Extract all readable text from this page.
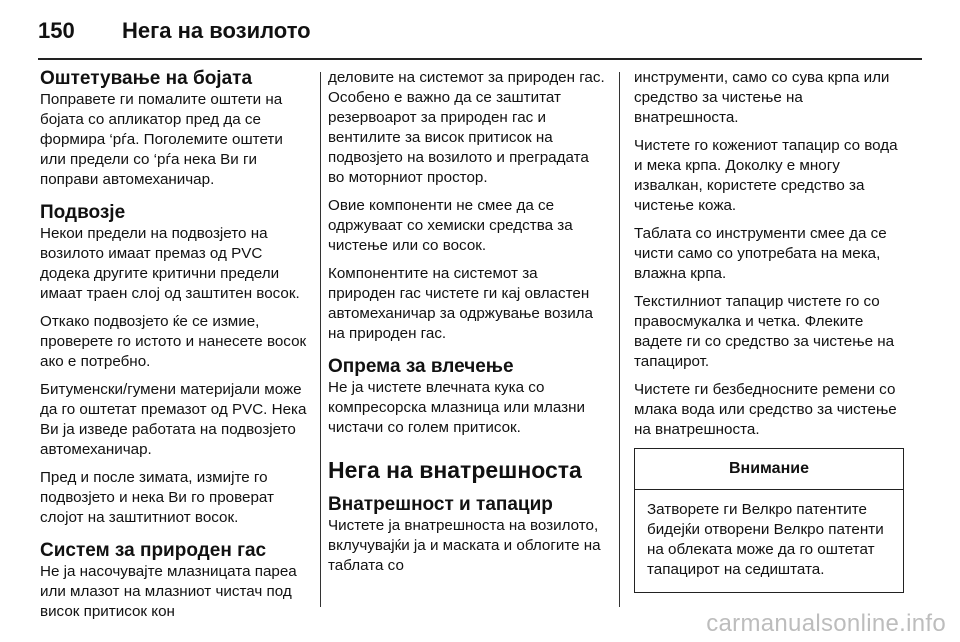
150 Нега на возилото
Оштетување на бојата

Поправете ги помалите оштети на бојата со апликатор пред да се формира ‘рѓа. Поголемите оштети или предели со ‘рѓа нека Ви ги поправи автомеханичар.

Подвозје

Некои предели на подвозјето на возилото имаат премаз од PVC додека другите критични предели имаат траен слој од заштитен восок.

Откако подвозјето ќе се измие, проверете го истото и нанесете восок ако е потребно.

Битуменски/гумени материјали може да го оштетат премазот од PVC. Нека Ви ја изведе работата на подвозјето автомеханичар.

Пред и после зимата, измијте го подвозјето и нека Ви го проверат слојот на заштитниот восок.

Систем за природен гас

Не ја насочувајте млазницата пареа или млазот на млазниот чистач под висок притисок кон

деловите на системот за природен гас. Особено е важно да се заштитат резервоарот за природен гас и вентилите за висок притисок на подвозјето на возилото и преградата во моторниот простор.

Овие компоненти не смее да се одржуваат со хемиски средства за чистење или со восок.

Компонентите на системот за природен гас чистете ги кај овластен автомеханичар за одржување возила на природен гас.

Опрема за влечење

Не ја чистете влечната кука со компресорска млазница или млазни чистачи со голем притисок.

Нега на внатрешноста
Внатрешност и тапацир

Чистете ја внатрешноста на возилото, вклучувајќи ја и маската и облогите на таблата со

инструменти, само со сува крпа или средство за чистење на внатрешноста.

Чистете го кожениот тапацир со вода и мека крпа. Доколку е многу извалкан, користете средство за чистење кожа.

Таблата со инструменти смее да се чисти само со употребата на мека, влажна крпа.

Текстилниот тапацир чистете го со правосмукалка и четка. Флеките вадете ги со средство за чистење на тапацирот.

Чистете ги безбедносните ремени со млака вода или средство за чистење на внатрешноста.

Внимание
Затворете ги Велкро патентите бидејќи отворени Велкро патенти на облеката може да го оштетат тапацирот на седиштата.
carmanualsonline.info
